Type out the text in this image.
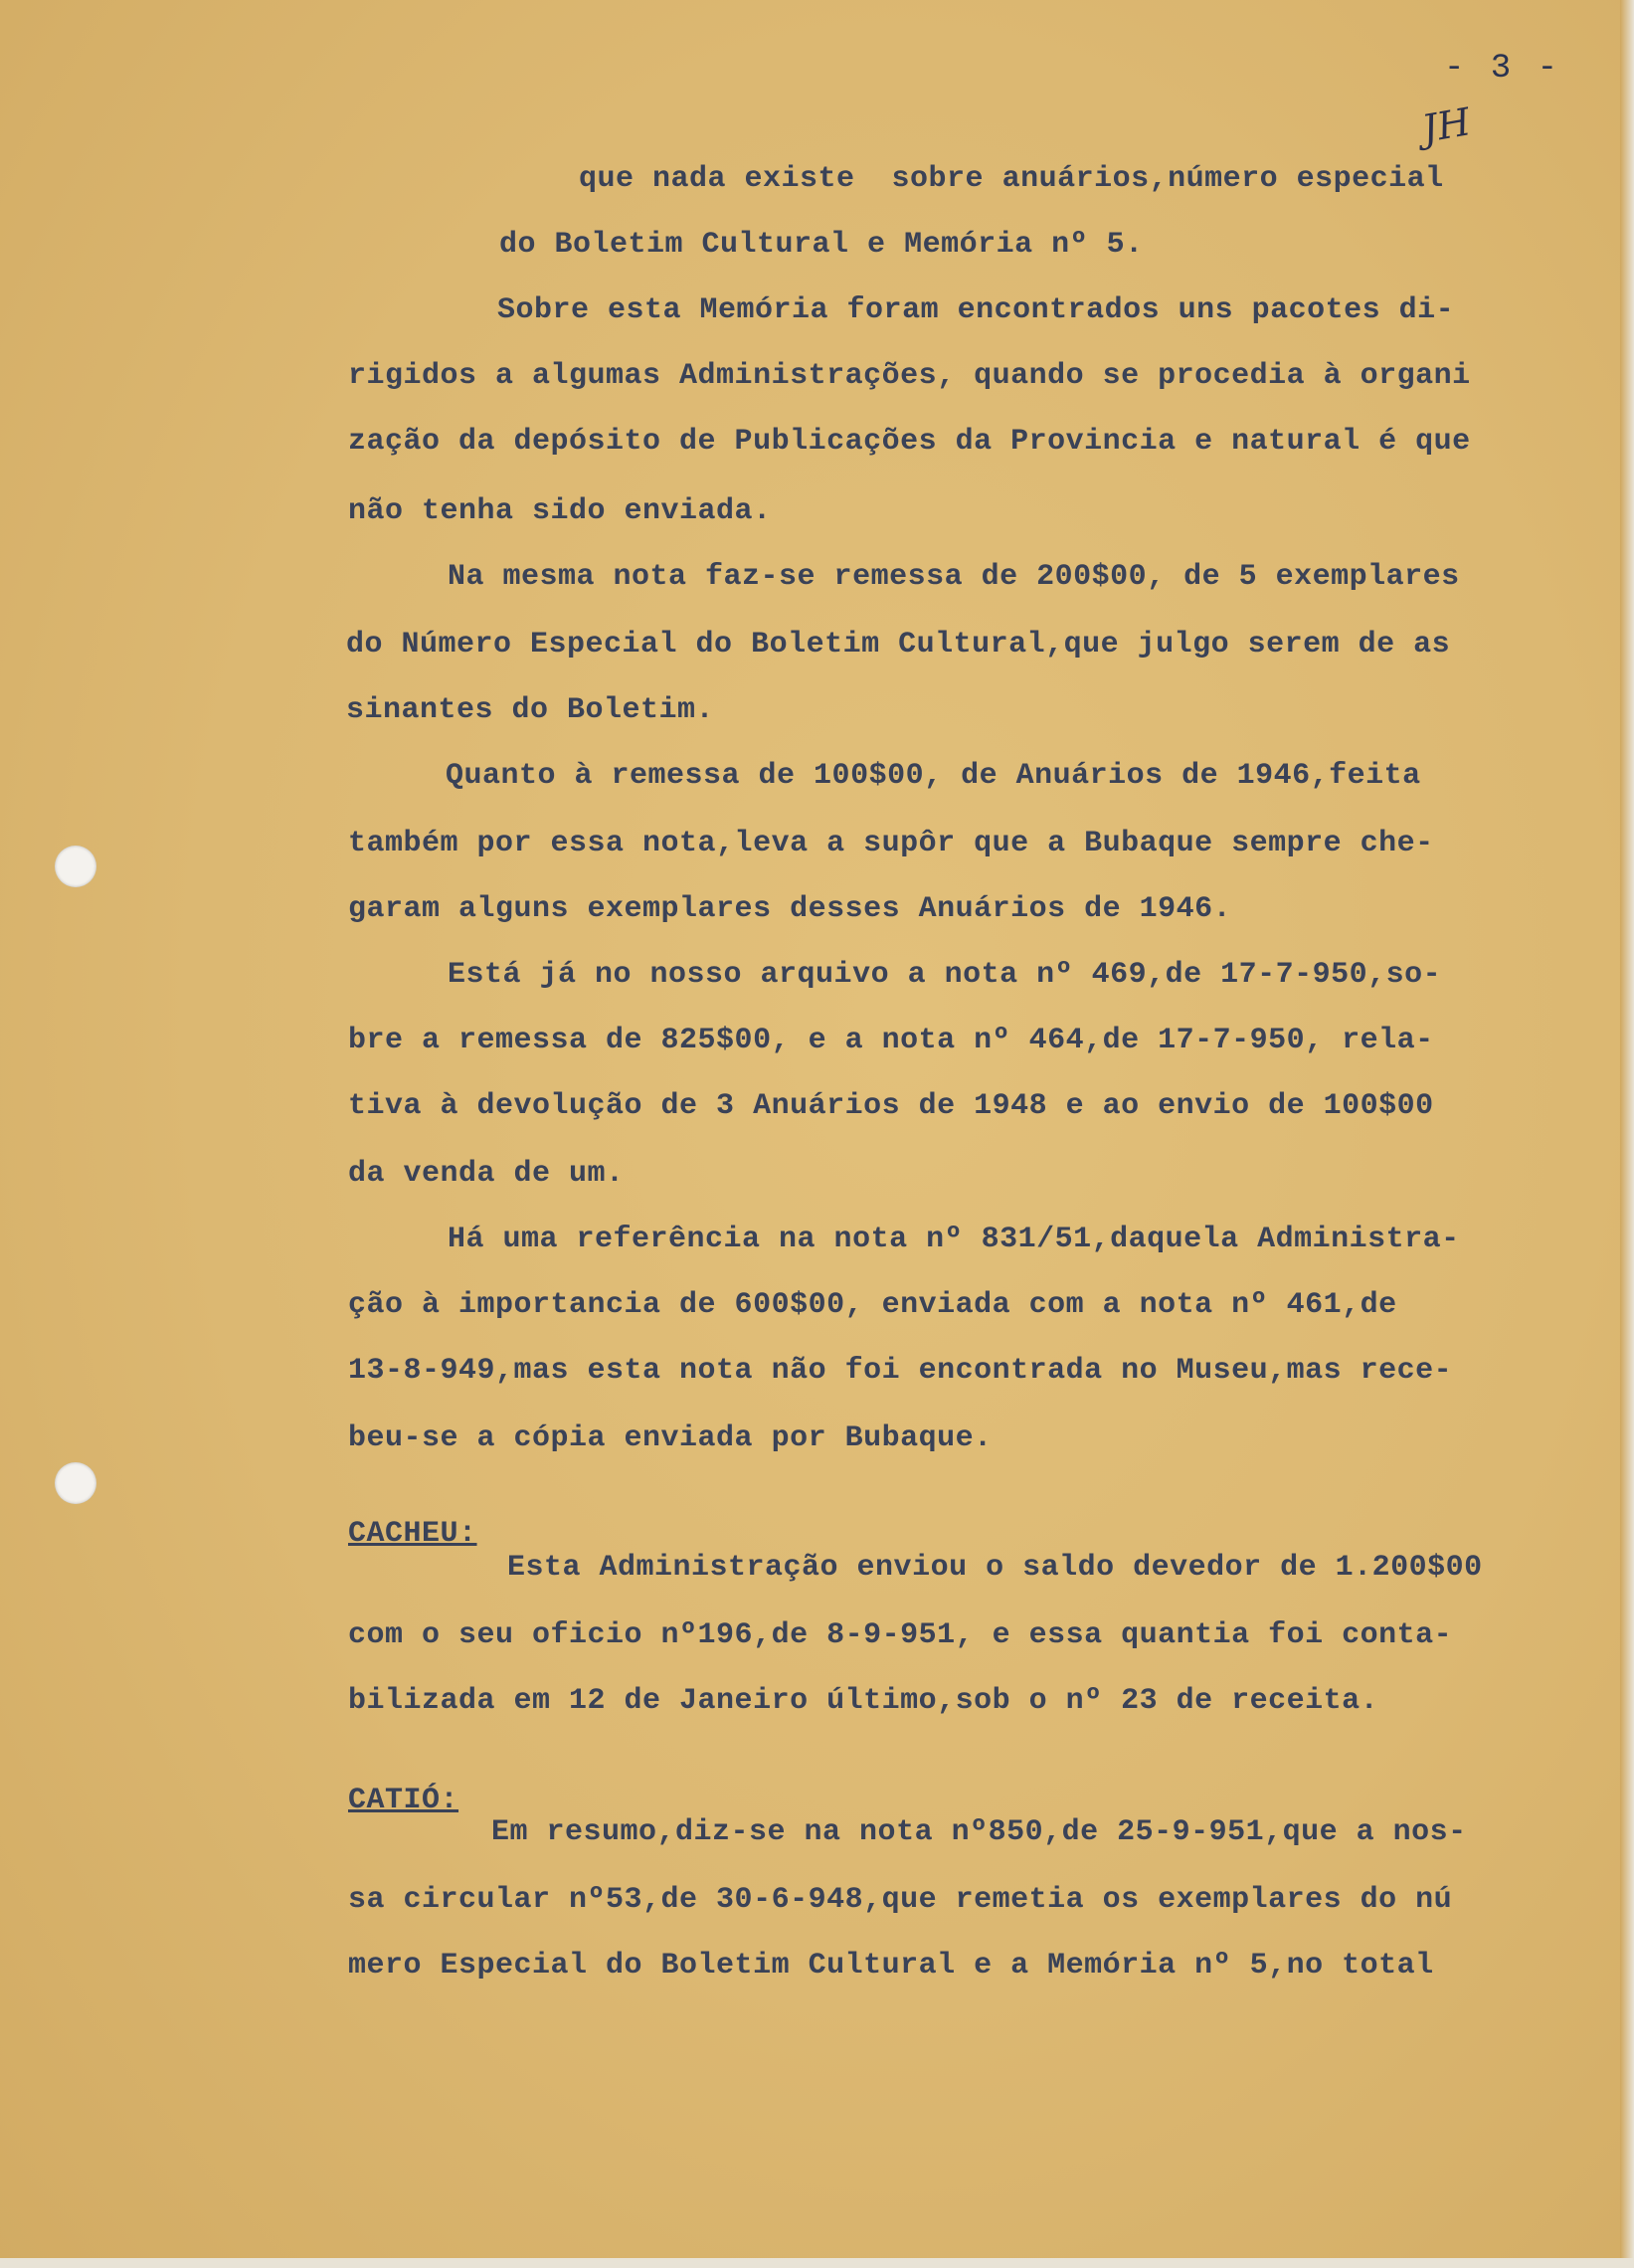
- 3 -
JH
que nada existe  sobre anuários,número especial
do Boletim Cultural e Memória nº 5.
Sobre esta Memória foram encontrados uns pacotes di-
rigidos a algumas Administrações, quando se procedia à organi
zação da depósito de Publicações da Provincia e natural é que
não tenha sido enviada.
Na mesma nota faz-se remessa de 200$00, de 5 exemplares
do Número Especial do Boletim Cultural,que julgo serem de as
sinantes do Boletim.
Quanto à remessa de 100$00, de Anuários de 1946,feita
também por essa nota,leva a supôr que a Bubaque sempre che-
garam alguns exemplares desses Anuários de 1946.
Está já no nosso arquivo a nota nº 469,de 17-7-950,so-
bre a remessa de 825$00, e a nota nº 464,de 17-7-950, rela-
tiva à devolução de 3 Anuários de 1948 e ao envio de 100$00
da venda de um.
Há uma referência na nota nº 831/51,daquela Administra-
ção à importancia de 600$00, enviada com a nota nº 461,de
13-8-949,mas esta nota não foi encontrada no Museu,mas rece-
beu-se a cópia enviada por Bubaque.
CACHEU:
Esta Administração enviou o saldo devedor de 1.200$00
com o seu oficio nº196,de 8-9-951, e essa quantia foi conta-
bilizada em 12 de Janeiro último,sob o nº 23 de receita.
CATIÓ:
Em resumo,diz-se na nota nº850,de 25-9-951,que a nos-
sa circular nº53,de 30-6-948,que remetia os exemplares do nú
mero Especial do Boletim Cultural e a Memória nº 5,no total
